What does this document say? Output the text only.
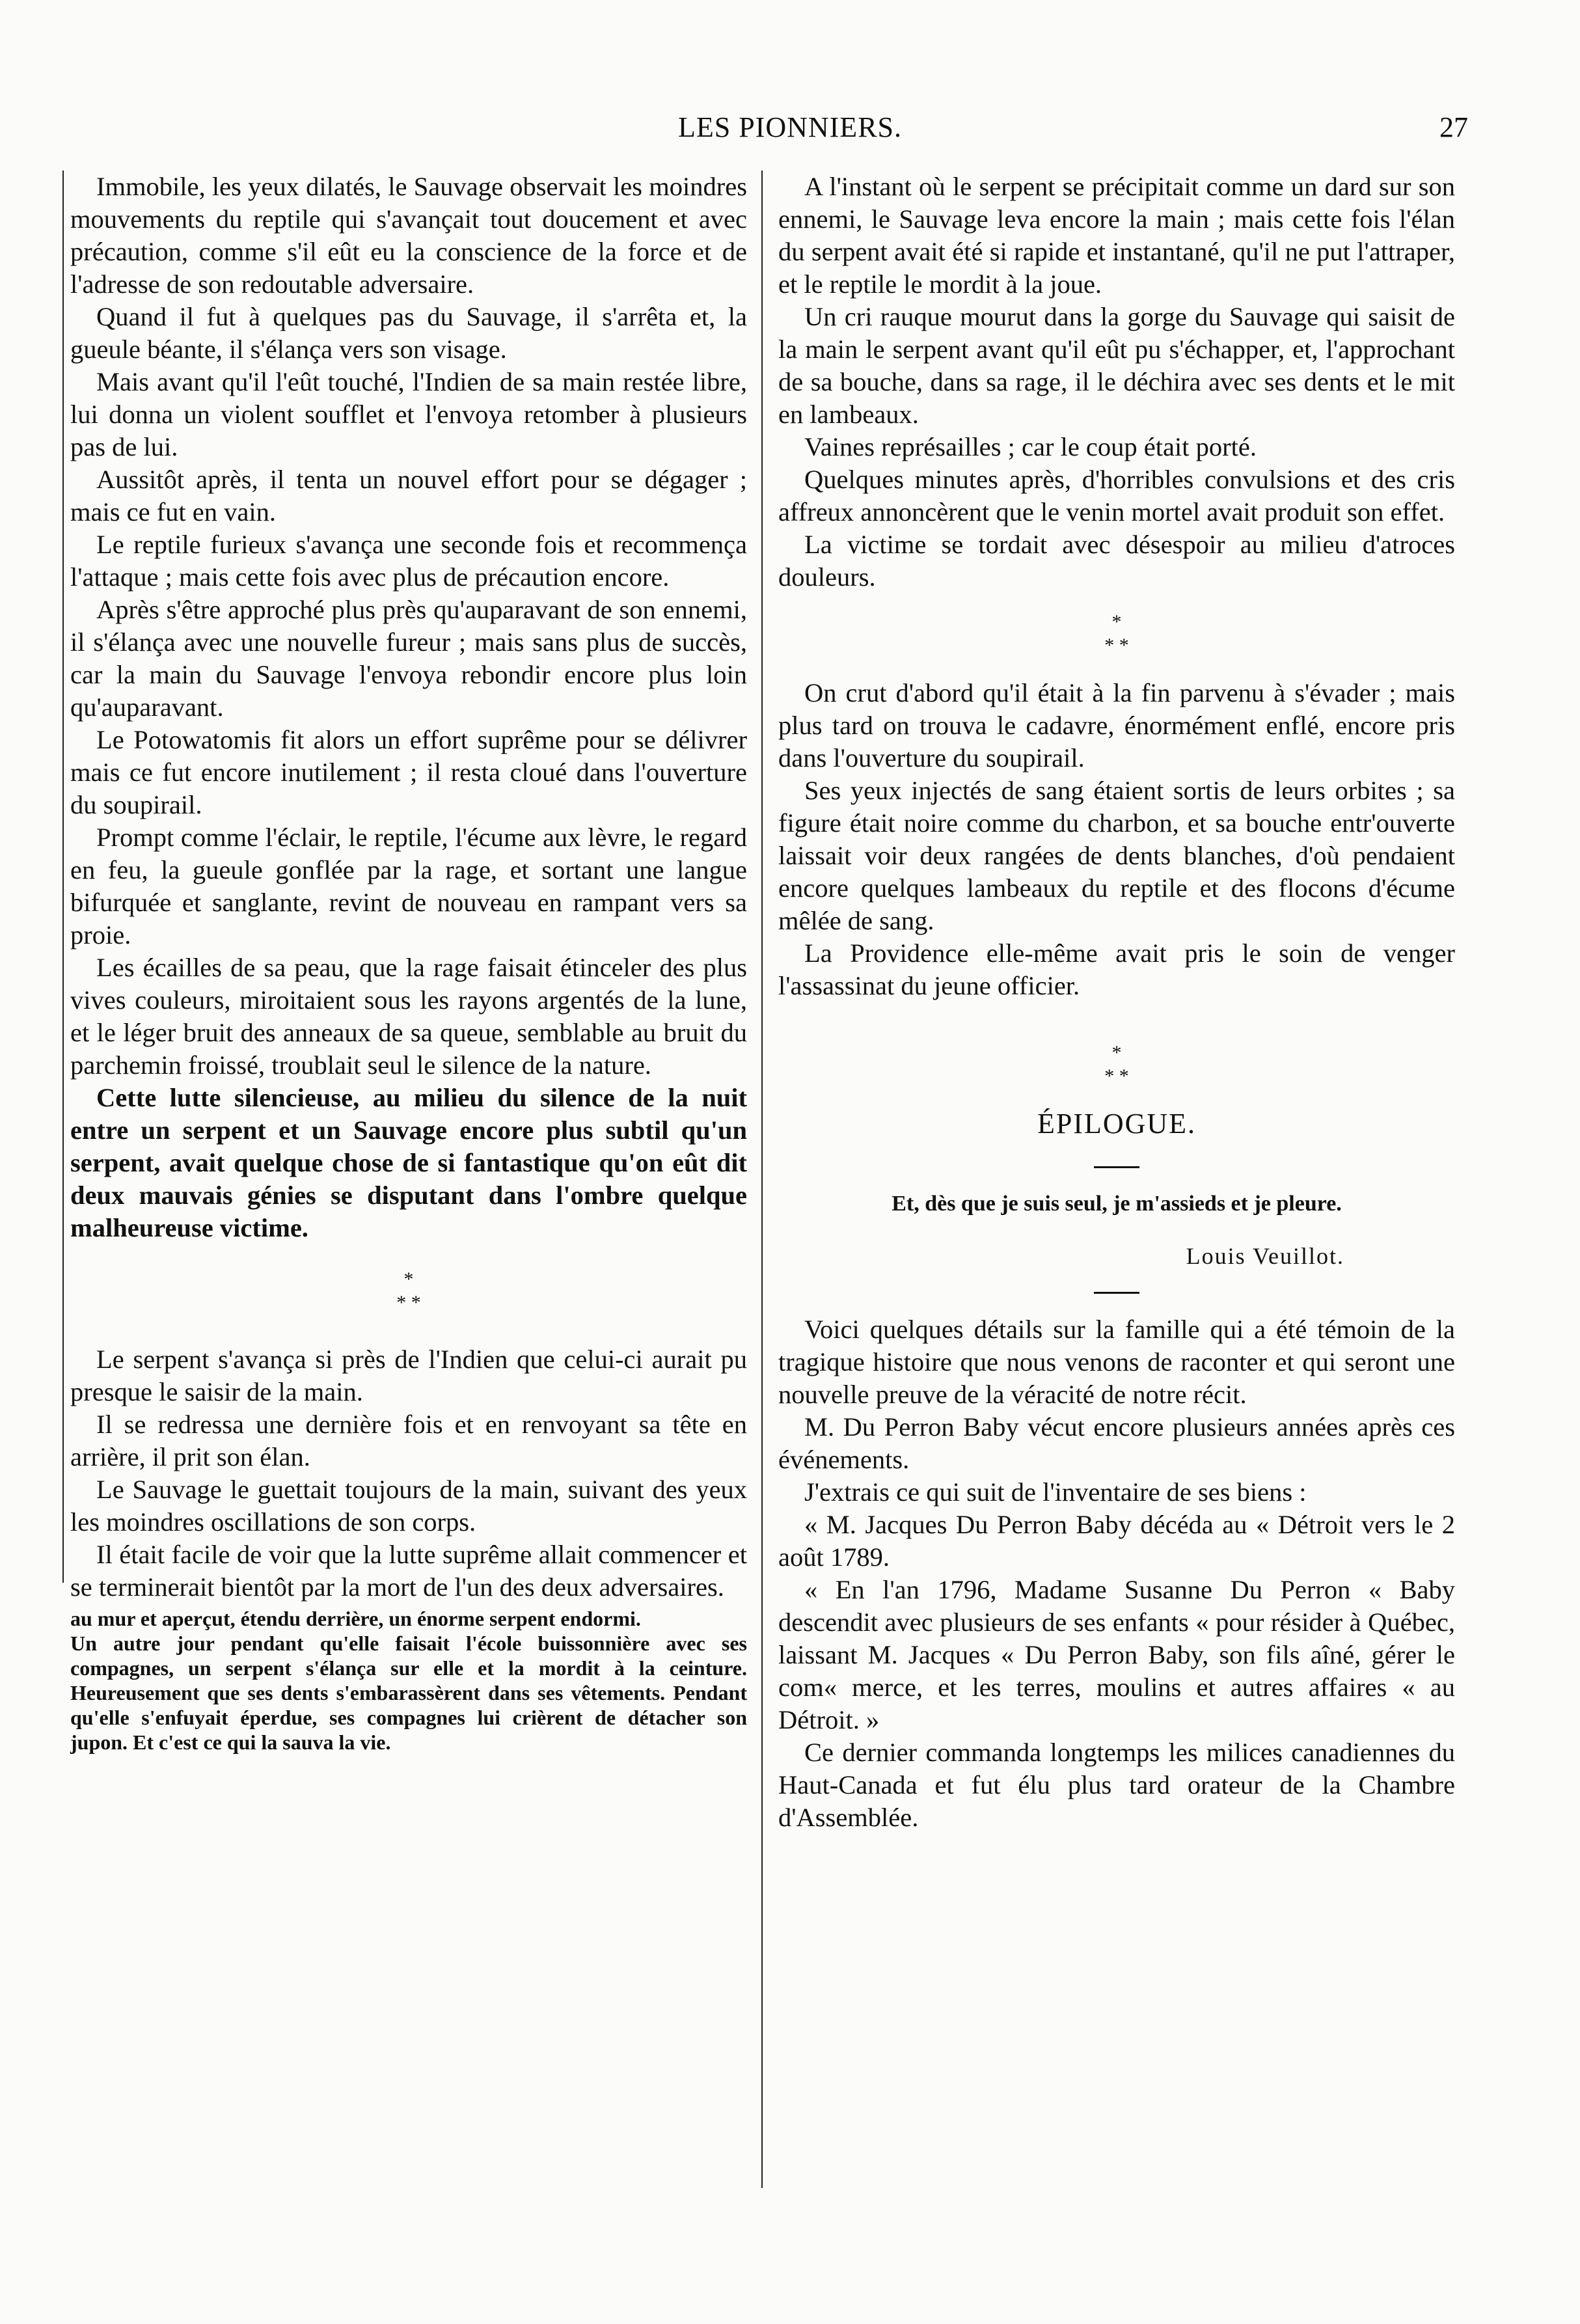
LES PIONNIERS.	27

Immobile, les yeux dilatés, le Sauvage observait les moindres mouvements du reptile qui s'avançait tout doucement et avec précaution, comme s'il eût eu la conscience de la force et de l'adresse de son redoutable adversaire.

Quand il fut à quelques pas du Sauvage, il s'arrêta et, la gueule béante, il s'élança vers son visage.

Mais avant qu'il l'eût touché, l'Indien de sa main restée libre, lui donna un violent soufflet et l'envoya retomber à plusieurs pas de lui.

Aussitôt après, il tenta un nouvel effort pour se dégager ; mais ce fut en vain.

Le reptile furieux s'avança une seconde fois et recommença l'attaque ; mais cette fois avec plus de précaution encore.

Après s'être approché plus près qu'auparavant de son ennemi, il s'élança avec une nouvelle fureur ; mais sans plus de succès, car la main du Sauvage l'envoya rebondir encore plus loin qu'auparavant.

Le Potowatomis fit alors un effort suprême pour se délivrer mais ce fut encore inutilement ; il resta cloué dans l'ouverture du soupirail.

Prompt comme l'éclair, le reptile, l'écume aux lèvre, le regard en feu, la gueule gonflée par la rage, et sortant une langue bifurquée et sanglante, revint de nouveau en rampant vers sa proie.

Les écailles de sa peau, que la rage faisait étinceler des plus vives couleurs, miroitaient sous les rayons argentés de la lune, et le léger bruit des anneaux de sa queue, semblable au bruit du parchemin froissé, troublait seul le silence de la nature.

Cette lutte silencieuse, au milieu du silence de la nuit entre un serpent et un Sauvage encore plus subtil qu'un serpent, avait quelque chose de si fantastique qu'on eût dit deux mauvais génies se disputant dans l'ombre quelque malheureuse victime.

*
* *

Le serpent s'avança si près de l'Indien que celui-ci aurait pu presque le saisir de la main.

Il se redressa une dernière fois et en renvoyant sa tête en arrière, il prit son élan.

Le Sauvage le guettait toujours de la main, suivant des yeux les moindres oscillations de son corps.

Il était facile de voir que la lutte suprême allait commencer et se terminerait bientôt par la mort de l'un des deux adversaires.

au mur et aperçut, étendu derrière, un énorme serpent endormi.

Un autre jour pendant qu'elle faisait l'école buissonnière avec ses compagnes, un serpent s'élança sur elle et la mordit à la ceinture. Heureusement que ses dents s'embarassèrent dans ses vêtements. Pendant qu'elle s'enfuyait éperdue, ses compagnes lui crièrent de détacher son jupon. Et c'est ce qui la sauva la vie.

A l'instant où le serpent se précipitait comme un dard sur son ennemi, le Sauvage leva encore la main ; mais cette fois l'élan du serpent avait été si rapide et instantané, qu'il ne put l'attraper, et le reptile le mordit à la joue.

Un cri rauque mourut dans la gorge du Sauvage qui saisit de la main le serpent avant qu'il eût pu s'échapper, et, l'approchant de sa bouche, dans sa rage, il le déchira avec ses dents et le mit en lambeaux.

Vaines représailles ; car le coup était porté.

Quelques minutes après, d'horribles convulsions et des cris affreux annoncèrent que le venin mortel avait produit son effet.

La victime se tordait avec désespoir au milieu d'atroces douleurs.

*
* *

On crut d'abord qu'il était à la fin parvenu à s'évader ; mais plus tard on trouva le cadavre, énormément enflé, encore pris dans l'ouverture du soupirail.

Ses yeux injectés de sang étaient sortis de leurs orbites ; sa figure était noire comme du charbon, et sa bouche entr'ouverte laissait voir deux rangées de dents blanches, d'où pendaient encore quelques lambeaux du reptile et des flocons d'écume mêlée de sang.

La Providence elle-même avait pris le soin de venger l'assassinat du jeune officier.

*
* *
ÉPILOGUE.
Et, dès que je suis seul, je m'assieds et je pleure.
Louis Veuillot.

Voici quelques détails sur la famille qui a été témoin de la tragique histoire que nous venons de raconter et qui seront une nouvelle preuve de la véracité de notre récit.

M. Du Perron Baby vécut encore plusieurs années après ces événements.

J'extrais ce qui suit de l'inventaire de ses biens :

« M. Jacques Du Perron Baby décéda au « Détroit vers le 2 août 1789.

« En l'an 1796, Madame Susanne Du Perron « Baby descendit avec plusieurs de ses enfants « pour résider à Québec, laissant M. Jacques « Du Perron Baby, son fils aîné, gérer le com« merce, et les terres, moulins et autres affaires « au Détroit. »

Ce dernier commanda longtemps les milices canadiennes du Haut-Canada et fut élu plus tard orateur de la Chambre d'Assemblée.
